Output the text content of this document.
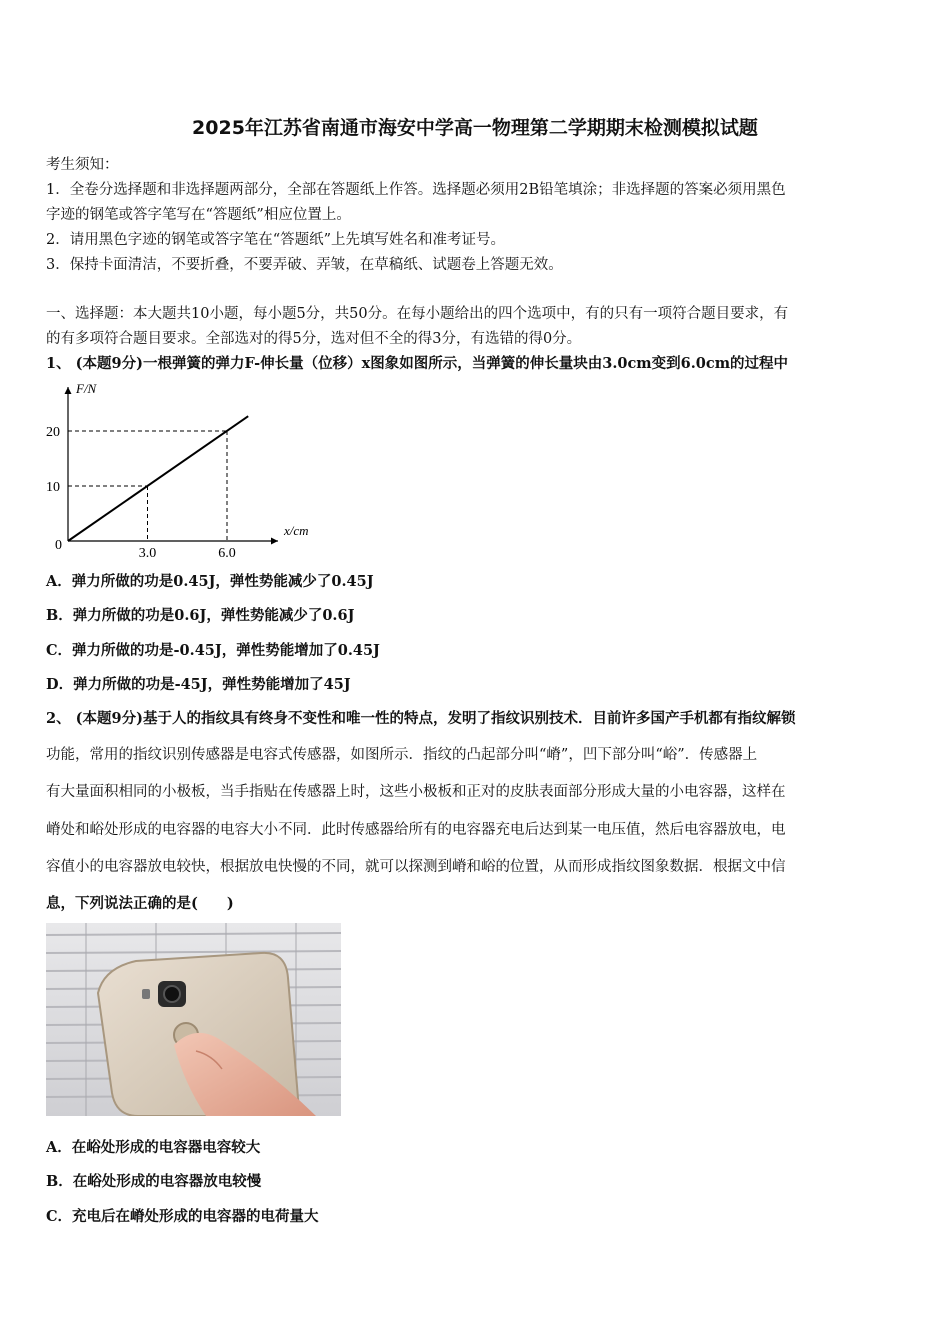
2025年江苏省南通市海安中学高一物理第二学期期末检测模拟试题
考生须知：
1．全卷分选择题和非选择题两部分，全部在答题纸上作答。选择题必须用2B铅笔填涂；非选择题的答案必须用黑色
字迹的钢笔或答字笔写在“答题纸”相应位置上。
2．请用黑色字迹的钢笔或答字笔在“答题纸”上先填写姓名和准考证号。
3．保持卡面清洁，不要折叠，不要弄破、弄皱，在草稿纸、试题卷上答题无效。
一、选择题：本大题共10小题，每小题5分，共50分。在每小题给出的四个选项中，有的只有一项符合题目要求，有
的有多项符合题目要求。全部选对的得5分，选对但不全的得3分，有选错的得0分。
1、 (本题9分)一根弹簧的弹力F-伸长量（位移）x图象如图所示，当弹簧的伸长量块由3.0cm变到6.0cm的过程中
F/N
x/cm
0
10
20
3.0	6.0
A．弹力所做的功是0.45J，弹性势能减少了0.45J
B．弹力所做的功是0.6J，弹性势能减少了0.6J
C．弹力所做的功是-0.45J，弹性势能增加了0.45J
D．弹力所做的功是-45J，弹性势能增加了45J
2、 (本题9分)基于人的指纹具有终身不变性和唯一性的特点，发明了指纹识别技术．目前许多国产手机都有指纹解锁
功能，常用的指纹识别传感器是电容式传感器，如图所示．指纹的凸起部分叫“嵴”，凹下部分叫“峪”．传感器上
有大量面积相同的小极板，当手指贴在传感器上时，这些小极板和正对的皮肤表面部分形成大量的小电容器，这样在
嵴处和峪处形成的电容器的电容大小不同．此时传感器给所有的电容器充电后达到某一电压值，然后电容器放电，电
容值小的电容器放电较快，根据放电快慢的不同，就可以探测到嵴和峪的位置，从而形成指纹图象数据．根据文中信
息，下列说法正确的是(　　)
A．在峪处形成的电容器电容较大
B．在峪处形成的电容器放电较慢
C．充电后在嵴处形成的电容器的电荷量大
